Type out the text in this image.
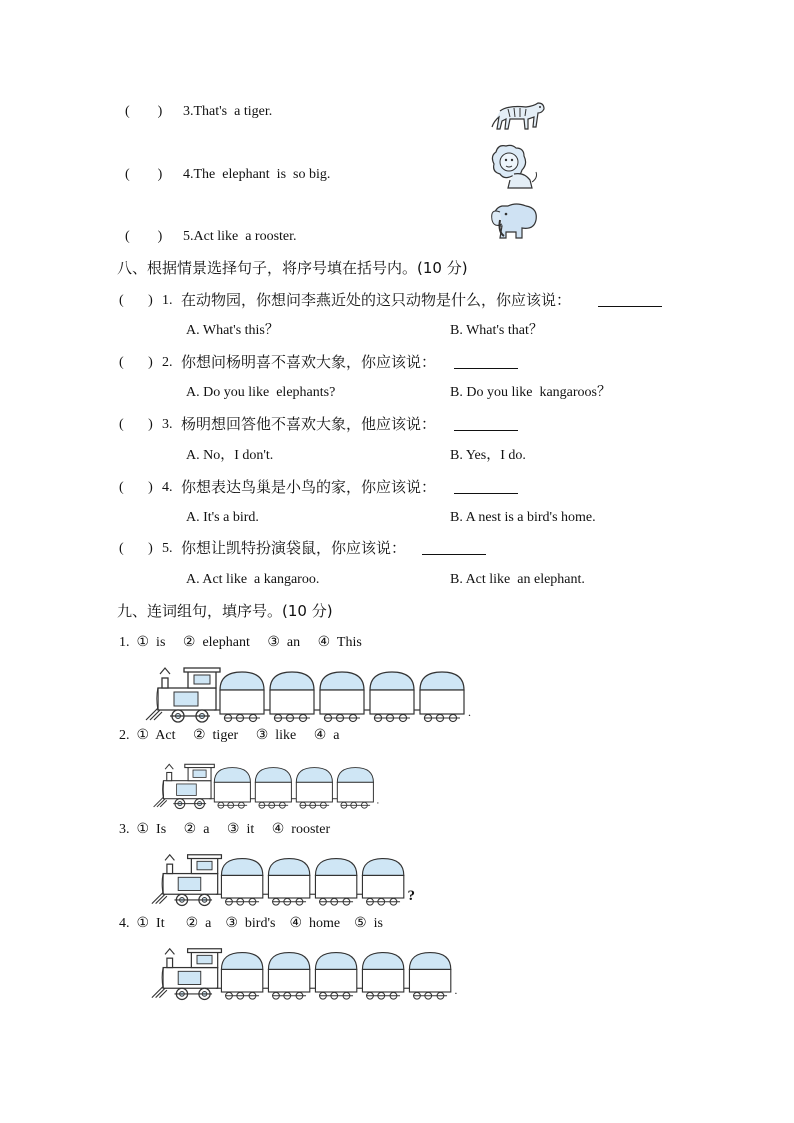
(        ) 3.That's  a tiger.
(        ) 4.The  elephant  is  so big.
(        ) 5.Act like  a rooster.
八、根据情景选择句子，将序号填在括号内。(10 分)
(       ) 1. 在动物园，你想问李燕近处的这只动物是什么，你应该说：
A. What's this？	B. What's that？
(       ) 2. 你想问杨明喜不喜欢大象，你应该说：
A. Do you like  elephants?	B. Do you like  kangaroos？
(       ) 3. 杨明想回答他不喜欢大象，他应该说：
A. No，I don't.	B. Yes，I do.
(       ) 4. 你想表达鸟巢是小鸟的家，你应该说：
A. It's a bird.	B. A nest is a bird's home.
(       ) 5. 你想让凯特扮演袋鼠，你应该说：
A. Act like  a kangaroo.	B. Act like  an elephant.
九、连词组句，填序号。(10 分)
1.  ①  is     ②  elephant     ③  an     ④  This
2.  ①  Act     ②  tiger     ③  like     ④  a
3.  ①  Is     ②  a     ③  it     ④  rooster
4.  ①  It      ②  a    ③  bird's    ④  home    ⑤  is
.
.
?
.
